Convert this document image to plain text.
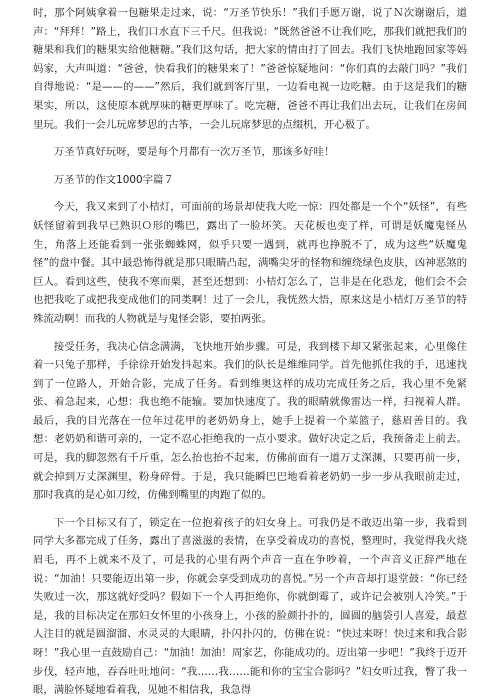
时，那个阿姨拿着一包糖果走过来，说：“万圣节快乐！”我们手愿万谢，说了Ｎ次谢谢后，道声：“拜拜！”路上，我们口水直下三千尺。但我说：“既然爸爸不让我们吃，那我们就把我们的糖果和我们的糖果实给他糖糖。”我们这句话，把大家的情由打了回去。我们飞快地跑回家等妈妈家，大声叫道：“爸爸，快看我们的糖果来了！”爸爸惊疑地问：“你们真的去敲门吗？”我们自得地说：“是——的——”然后，我们就到客厅里，一边看电视一边吃糖。由于这是我们的糖果实，所以，这使原本就厚味的糖更厚味了。吃完糖，爸爸不再让我们出去玩，让我们在房间里玩。我们一会儿玩席梦思的古筝，一会儿玩席梦思的点缀机，开心极了。

万圣节真好玩呀，要是每个月都有一次万圣节，那该多好哇！

万圣节的作文1000字篇７

今天，我又来到了小桔灯，可面前的场景却使我大吃一惊：四处都是一个个“妖怪”，有些妖怪留着到我早已熟识Ｏ形的嘴巴，露出了一脸坏笑。天花板也变了样，可谓是妖魔鬼怪丛生，角落上还能看到一张张蜘蛛网，似乎只要一遇到，就再也挣脱不了，成为这些“妖魔鬼怪”的盘中餐。其中最恐怖得就是那只眼睛凸起，满嘴尖牙的怪物和缠绕绿色皮肤，凶神恶煞的巨人。看到这些，使我不寒而栗，甚至还想到：小桔灯怎么了，岂非是在化恐龙，他们会不会也把我吃了或把我变成他们的同类啊！过了一会儿，我恍然大悟，原来这是小桔灯万圣节的特殊流动啊！而我的人物就是与鬼怪会影，要拍两张。

接受任务，我决心信念满满，飞快地开始步骤。可是，我到楼下却又紧张起来，心里像住着一只兔子那样，手徐徐开始发抖起来。我们的队长是维维同学。首先他抓住我的手，迅速找到了一位路人，开始合影，完成了任务。看到维奥这样的成功完成任务之后，我心里不免紧张、着急起来，心想：我也绝不能输。要加快速度了。我的眼睛就像雷达一样，扫视着人群。最后，我的目光落在一位年过花甲的老奶奶身上，她手上提着一个菜篮子，慈眉善目的。我想：老奶奶和谐可亲的，一定不忍心拒绝我的一点小要求。做好决定之后，我预备走上前去。可是，我的脚忽然有千斤重，怎么抬也抬不起来，仿佛前面有一道万丈深渊，只要再前一步，就会掉到万丈深渊里，粉身碎骨。于是，我只能瞬巴巴地看着老奶奶一步一步从我眼前走过，那时我真的是心如刀绞，仿佛到嘴里的肉跑了似的。

下一个目标又有了，锁定在一位抱着孩子的妇女身上。可我仍是不敢迈出第一步，我看到同学大多都完成了任务，露出了喜滋滋的表情，在享受着成功的喜悦，整理时，我觉得我火烧眉毛，再不上就来不及了，可是我的心里有两个声音一直在争吵着，一个声音义正辞严地在说：“加油！只要能迈出第一步，你就会享受到成功的喜悦。”另一个声音却打退堂鼓：“你已经失败过一次，那这就好受吗？假如下一个人再拒绝你，你就倒霉了，或许记会被别人冷笑。”于是，我的目标决定在那妇女怀里的小孩身上，小孩的脸颜扑扑的，圆圆的脑袋引人喜爱，最惹人注目的就是圆溜溜、水灵灵的大眼睛，扑闪扑闪的，仿佛在说：“快过来呀！快过来和我合影呀！”我心里一直鼓励自己：“加油！加油！周家艺，你能成功的。迈出第一步吧！”我终于迈开步伐，轻声地，吞吞吐吐地问：“我……我……能和你的宝宝合影吗？”妇女听过我，瞥了我一眼，满脸怀疑地看着我，见她不相信我，我急得
